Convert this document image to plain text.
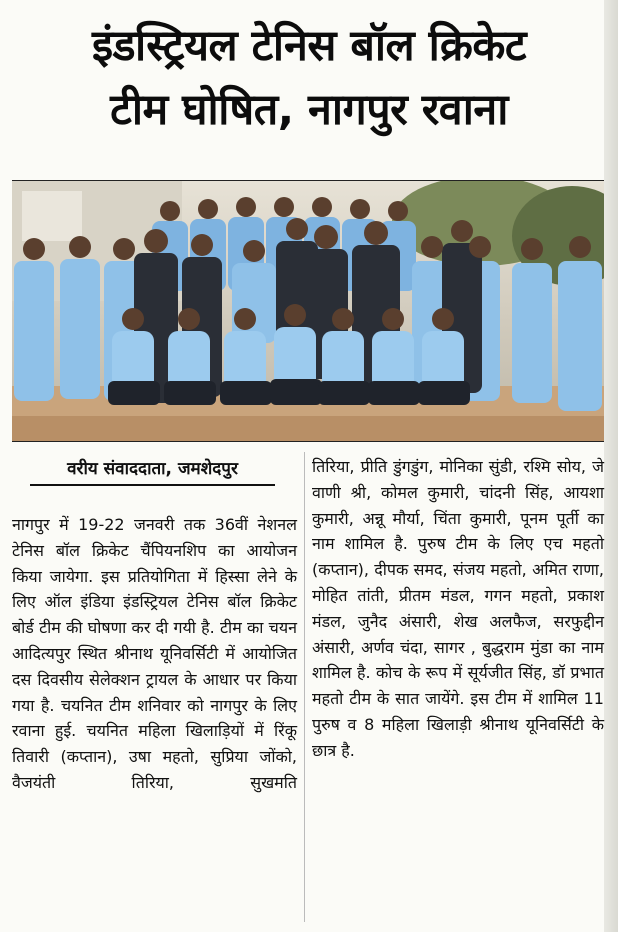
इंडस्ट्रियल टेनिस बॉल क्रिकेट
टीम घोषित, नागपुर रवाना
वरीय संवाददाता, जमशेदपुर
नागपुर में 19-22 जनवरी तक 36वीं नेशनल टेनिस बॉल क्रिकेट चैंपियनशिप का आयोजन किया जायेगा. इस प्रतियोगिता में हिस्सा लेने के लिए ऑल इंडिया इंडस्ट्रियल टेनिस बॉल क्रिकेट बोर्ड टीम की घोषणा कर दी गयी है. टीम का चयन आदित्यपुर स्थित श्रीनाथ यूनिवर्सिटी में आयोजित दस दिवसीय सेलेक्शन ट्रायल के आधार पर किया गया है. चयनित टीम शनिवार को नागपुर के लिए रवाना हुई. चयनित महिला खिलाड़ियों में रिंकू तिवारी (कप्तान), उषा महतो, सुप्रिया जोंको, वैजयंती तिरिया, सुखमति
तिरिया, प्रीति डुंगडुंग, मोनिका सुंडी, रश्मि सोय, जे वाणी श्री, कोमल कुमारी, चांदनी सिंह, आयशा कुमारी, अन्नू मौर्या, चिंता कुमारी, पूनम पूर्ती का नाम शामिल है. पुरुष टीम के लिए एच महतो (कप्तान), दीपक समद, संजय महतो, अमित राणा, मोहित तांती, प्रीतम मंडल, गगन महतो, प्रकाश मंडल, जुनैद अंसारी, शेख अलफैज, सरफुद्दीन अंसारी, अर्णव चंदा, सागर , बुद्धराम मुंडा का नाम शामिल है. कोच के रूप में सूर्यजीत सिंह, डॉ प्रभात महतो टीम के सात जायेंगे. इस टीम में शामिल 11 पुरुष व 8 महिला खिलाड़ी श्रीनाथ यूनिवर्सिटी के छात्र है.
